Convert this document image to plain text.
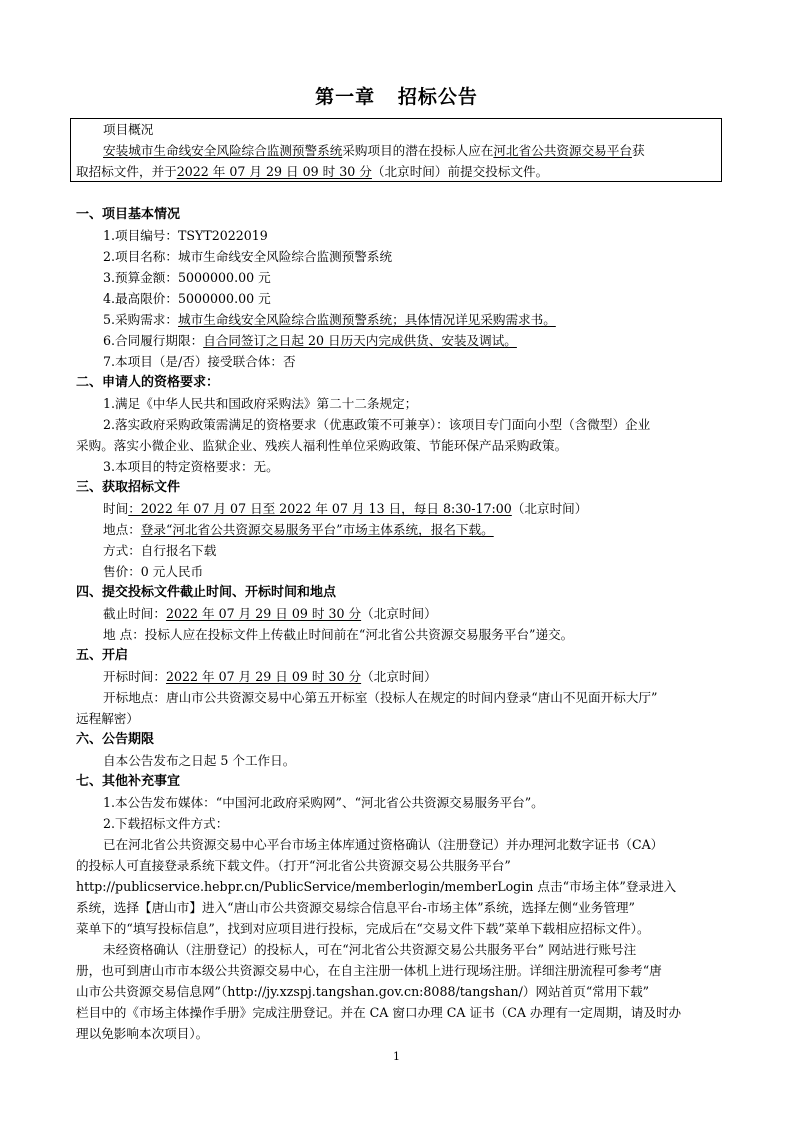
第一章   招标公告
项目概况
安装城市生命线安全风险综合监测预警系统采购项目的潜在投标人应在河北省公共资源交易平台获
取招标文件，并于2022 年 07 月 29 日 09 时 30 分（北京时间）前提交投标文件。
一、项目基本情况
1.项目编号：TSYT2022019
2.项目名称：城市生命线安全风险综合监测预警系统
3.预算金额：5000000.00 元
4.最高限价：5000000.00 元
5.采购需求：城市生命线安全风险综合监测预警系统；具体情况详见采购需求书。
6.合同履行期限：自合同签订之日起 20 日历天内完成供货、安装及调试。
7.本项目（是/否）接受联合体：否
二、申请人的资格要求：
1.满足《中华人民共和国政府采购法》第二十二条规定；
2.落实政府采购政策需满足的资格要求（优惠政策不可兼享）：该项目专门面向小型（含微型）企业
采购。落实小微企业、监狱企业、残疾人福利性单位采购政策、节能环保产品采购政策。
3.本项目的特定资格要求：无。
三、获取招标文件
时间：2022 年 07 月 07 日至 2022 年 07 月 13 日，每日 8:30-17:00（北京时间）
地点：登录“河北省公共资源交易服务平台”市场主体系统，报名下载。
方式：自行报名下载
售价：0 元人民币
四、提交投标文件截止时间、开标时间和地点
截止时间：2022 年 07 月 29 日 09 时 30 分（北京时间）
地 点：投标人应在投标文件上传截止时间前在“河北省公共资源交易服务平台”递交。
五、开启
开标时间：2022 年 07 月 29 日 09 时 30 分（北京时间）
开标地点：唐山市公共资源交易中心第五开标室（投标人在规定的时间内登录“唐山不见面开标大厅”
远程解密）
六、公告期限
自本公告发布之日起 5 个工作日。
七、其他补充事宜
1.本公告发布媒体：“中国河北政府采购网”、“河北省公共资源交易服务平台”。
2.下载招标文件方式：
已在河北省公共资源交易中心平台市场主体库通过资格确认（注册登记）并办理河北数字证书（CA）
的投标人可直接登录系统下载文件。（打开“河北省公共资源交易公共服务平台”
http://publicservice.hebpr.cn/PublicService/memberlogin/memberLogin 点击“市场主体”登录进入
系统，选择【唐山市】进入“唐山市公共资源交易综合信息平台-市场主体”系统，选择左侧“业务管理”
菜单下的“填写投标信息”，找到对应项目进行投标，完成后在“交易文件下载”菜单下载相应招标文件）。
未经资格确认（注册登记）的投标人，可在“河北省公共资源交易公共服务平台” 网站进行账号注
册，也可到唐山市市本级公共资源交易中心，在自主注册一体机上进行现场注册。详细注册流程可参考“唐
山市公共资源交易信息网”（http://jy.xzspj.tangshan.gov.cn:8088/tangshan/）网站首页“常用下载”
栏目中的《市场主体操作手册》完成注册登记。并在 CA 窗口办理 CA 证书（CA 办理有一定周期，请及时办
理以免影响本次项目）。
1
